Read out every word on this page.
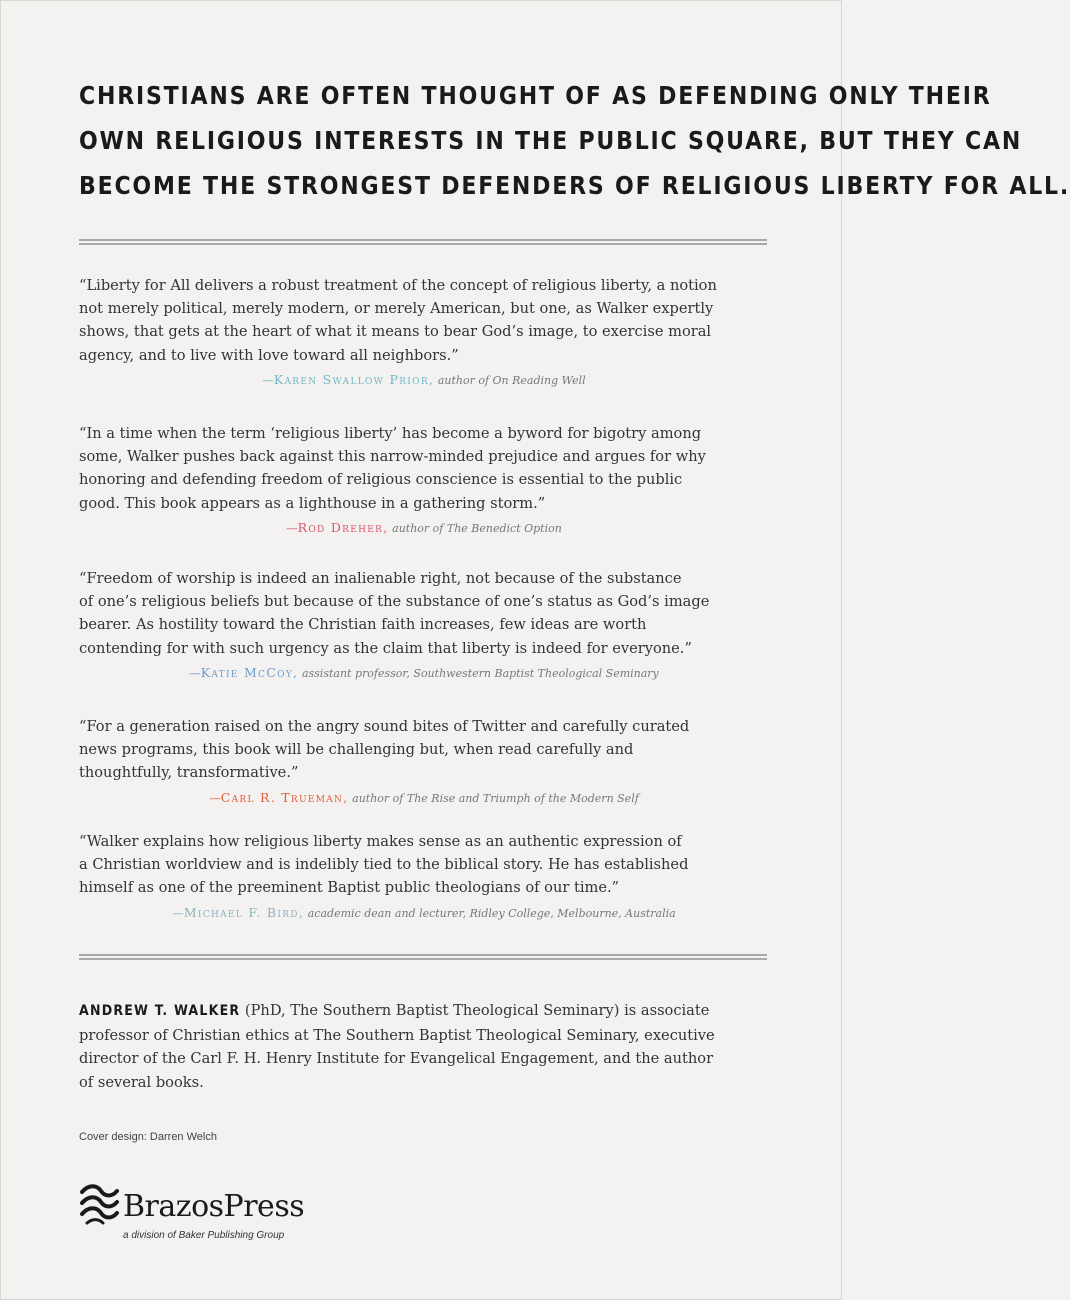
CHRISTIANS ARE OFTEN THOUGHT OF AS DEFENDING ONLY THEIR
OWN RELIGIOUS INTERESTS IN THE PUBLIC SQUARE, BUT THEY CAN
BECOME THE STRONGEST DEFENDERS OF RELIGIOUS LIBERTY FOR ALL.
“Liberty for All delivers a robust treatment of the concept of religious liberty, a notion
not merely political, merely modern, or merely American, but one, as Walker expertly
shows, that gets at the heart of what it means to bear God’s image, to exercise moral
agency, and to live with love toward all neighbors.”
—Karen Swallow Prior, author of On Reading Well
“In a time when the term ‘religious liberty’ has become a byword for bigotry among
some, Walker pushes back against this narrow-minded prejudice and argues for why
honoring and defending freedom of religious conscience is essential to the public
good. This book appears as a lighthouse in a gathering storm.”
—Rod Dreher, author of The Benedict Option
“Freedom of worship is indeed an inalienable right, not because of the substance
of one’s religious beliefs but because of the substance of one’s status as God’s image
bearer. As hostility toward the Christian faith increases, few ideas are worth
contending for with such urgency as the claim that liberty is indeed for everyone.”
—Katie McCoy, assistant professor, Southwestern Baptist Theological Seminary
“For a generation raised on the angry sound bites of Twitter and carefully curated
news programs, this book will be challenging but, when read carefully and
thoughtfully, transformative.”
—Carl R. Trueman, author of The Rise and Triumph of the Modern Self
“Walker explains how religious liberty makes sense as an authentic expression of
a Christian worldview and is indelibly tied to the biblical story. He has established
himself as one of the preeminent Baptist public theologians of our time.”
—Michael F. Bird, academic dean and lecturer, Ridley College, Melbourne, Australia
ANDREW T. WALKER (PhD, The Southern Baptist Theological Seminary) is associate
professor of Christian ethics at The Southern Baptist Theological Seminary, executive
director of the Carl F. H. Henry Institute for Evangelical Engagement, and the author
of several books.
Cover design: Darren Welch
BrazosPress
a division of Baker Publishing Group
